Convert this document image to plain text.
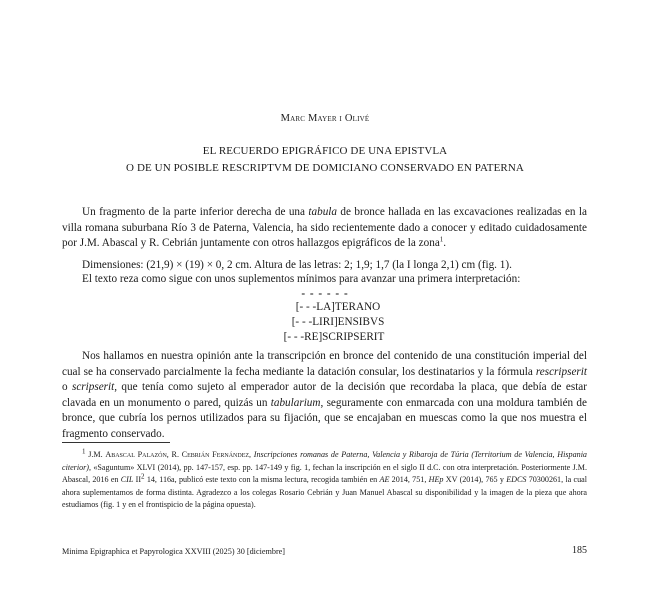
Marc Mayer i Olivé
EL RECUERDO EPIGRÁFICO DE UNA EPISTVLA
O DE UN POSIBLE RESCRIPTVM DE DOMICIANO CONSERVADO EN PATERNA
Un fragmento de la parte inferior derecha de una tabula de bronce hallada en las excavaciones realizadas en la villa romana suburbana Río 3 de Paterna, Valencia, ha sido recientemente dado a conocer y editado cuidadosamente por J.M. Abascal y R. Cebrián juntamente con otros hallazgos epigráficos de la zona$^1$.
Dimensiones: (21,9) × (19) × 0, 2 cm. Altura de las letras: 2; 1,9; 1,7 (la I longa 2,1) cm (fig. 1).
El texto reza como sigue con unos suplementos mínimos para avanzar una primera interpretación:
- - - - - -
[- - -LA]TERANO
[- - -LIRI]ENSIBVS
[- - -RE]SCRIPSERIT
Nos hallamos en nuestra opinión ante la transcripción en bronce del contenido de una constitución imperial del cual se ha conservado parcialmente la fecha mediante la datación consular, los destinatarios y la fórmula rescripserit o scripserit, que tenía como sujeto al emperador autor de la decisión que recordaba la placa, que debía de estar clavada en un monumento o pared, quizás un tabularium, seguramente con enmarcada con una moldura también de bronce, que cubría los pernos utilizados para su fijación, que se encajaban en muescas como la que nos muestra el fragmento conservado.
$^1$ J.M. Abascal Palazón, R. Cebrián Fernández, Inscripciones romanas de Paterna, Valencia y Ribaroja de Túria (Territorium de Valencia, Hispania citerior), «Saguntum» XLVI (2014), pp. 147-157, esp. pp. 147-149 y fig. 1, fechan la inscripción en el siglo II d.C. con otra interpretación. Posteriormente J.M. Abascal, 2016 en CIL $II^2$ 14, 116a, publicó este texto con la misma lectura, recogida también en AE 2014, 751, HEp XV (2014), 765 y EDCS 70300261, la cual ahora suplementamos de forma distinta. Agradezco a los colegas Rosario Cebrián y Juan Manuel Abascal su disponibilidad y la imagen de la pieza que ahora estudiamos (fig. 1 y en el frontispicio de la página opuesta).
Minima Epigraphica et Papyrologica XXVIII (2025) 30 [diciembre]	185
